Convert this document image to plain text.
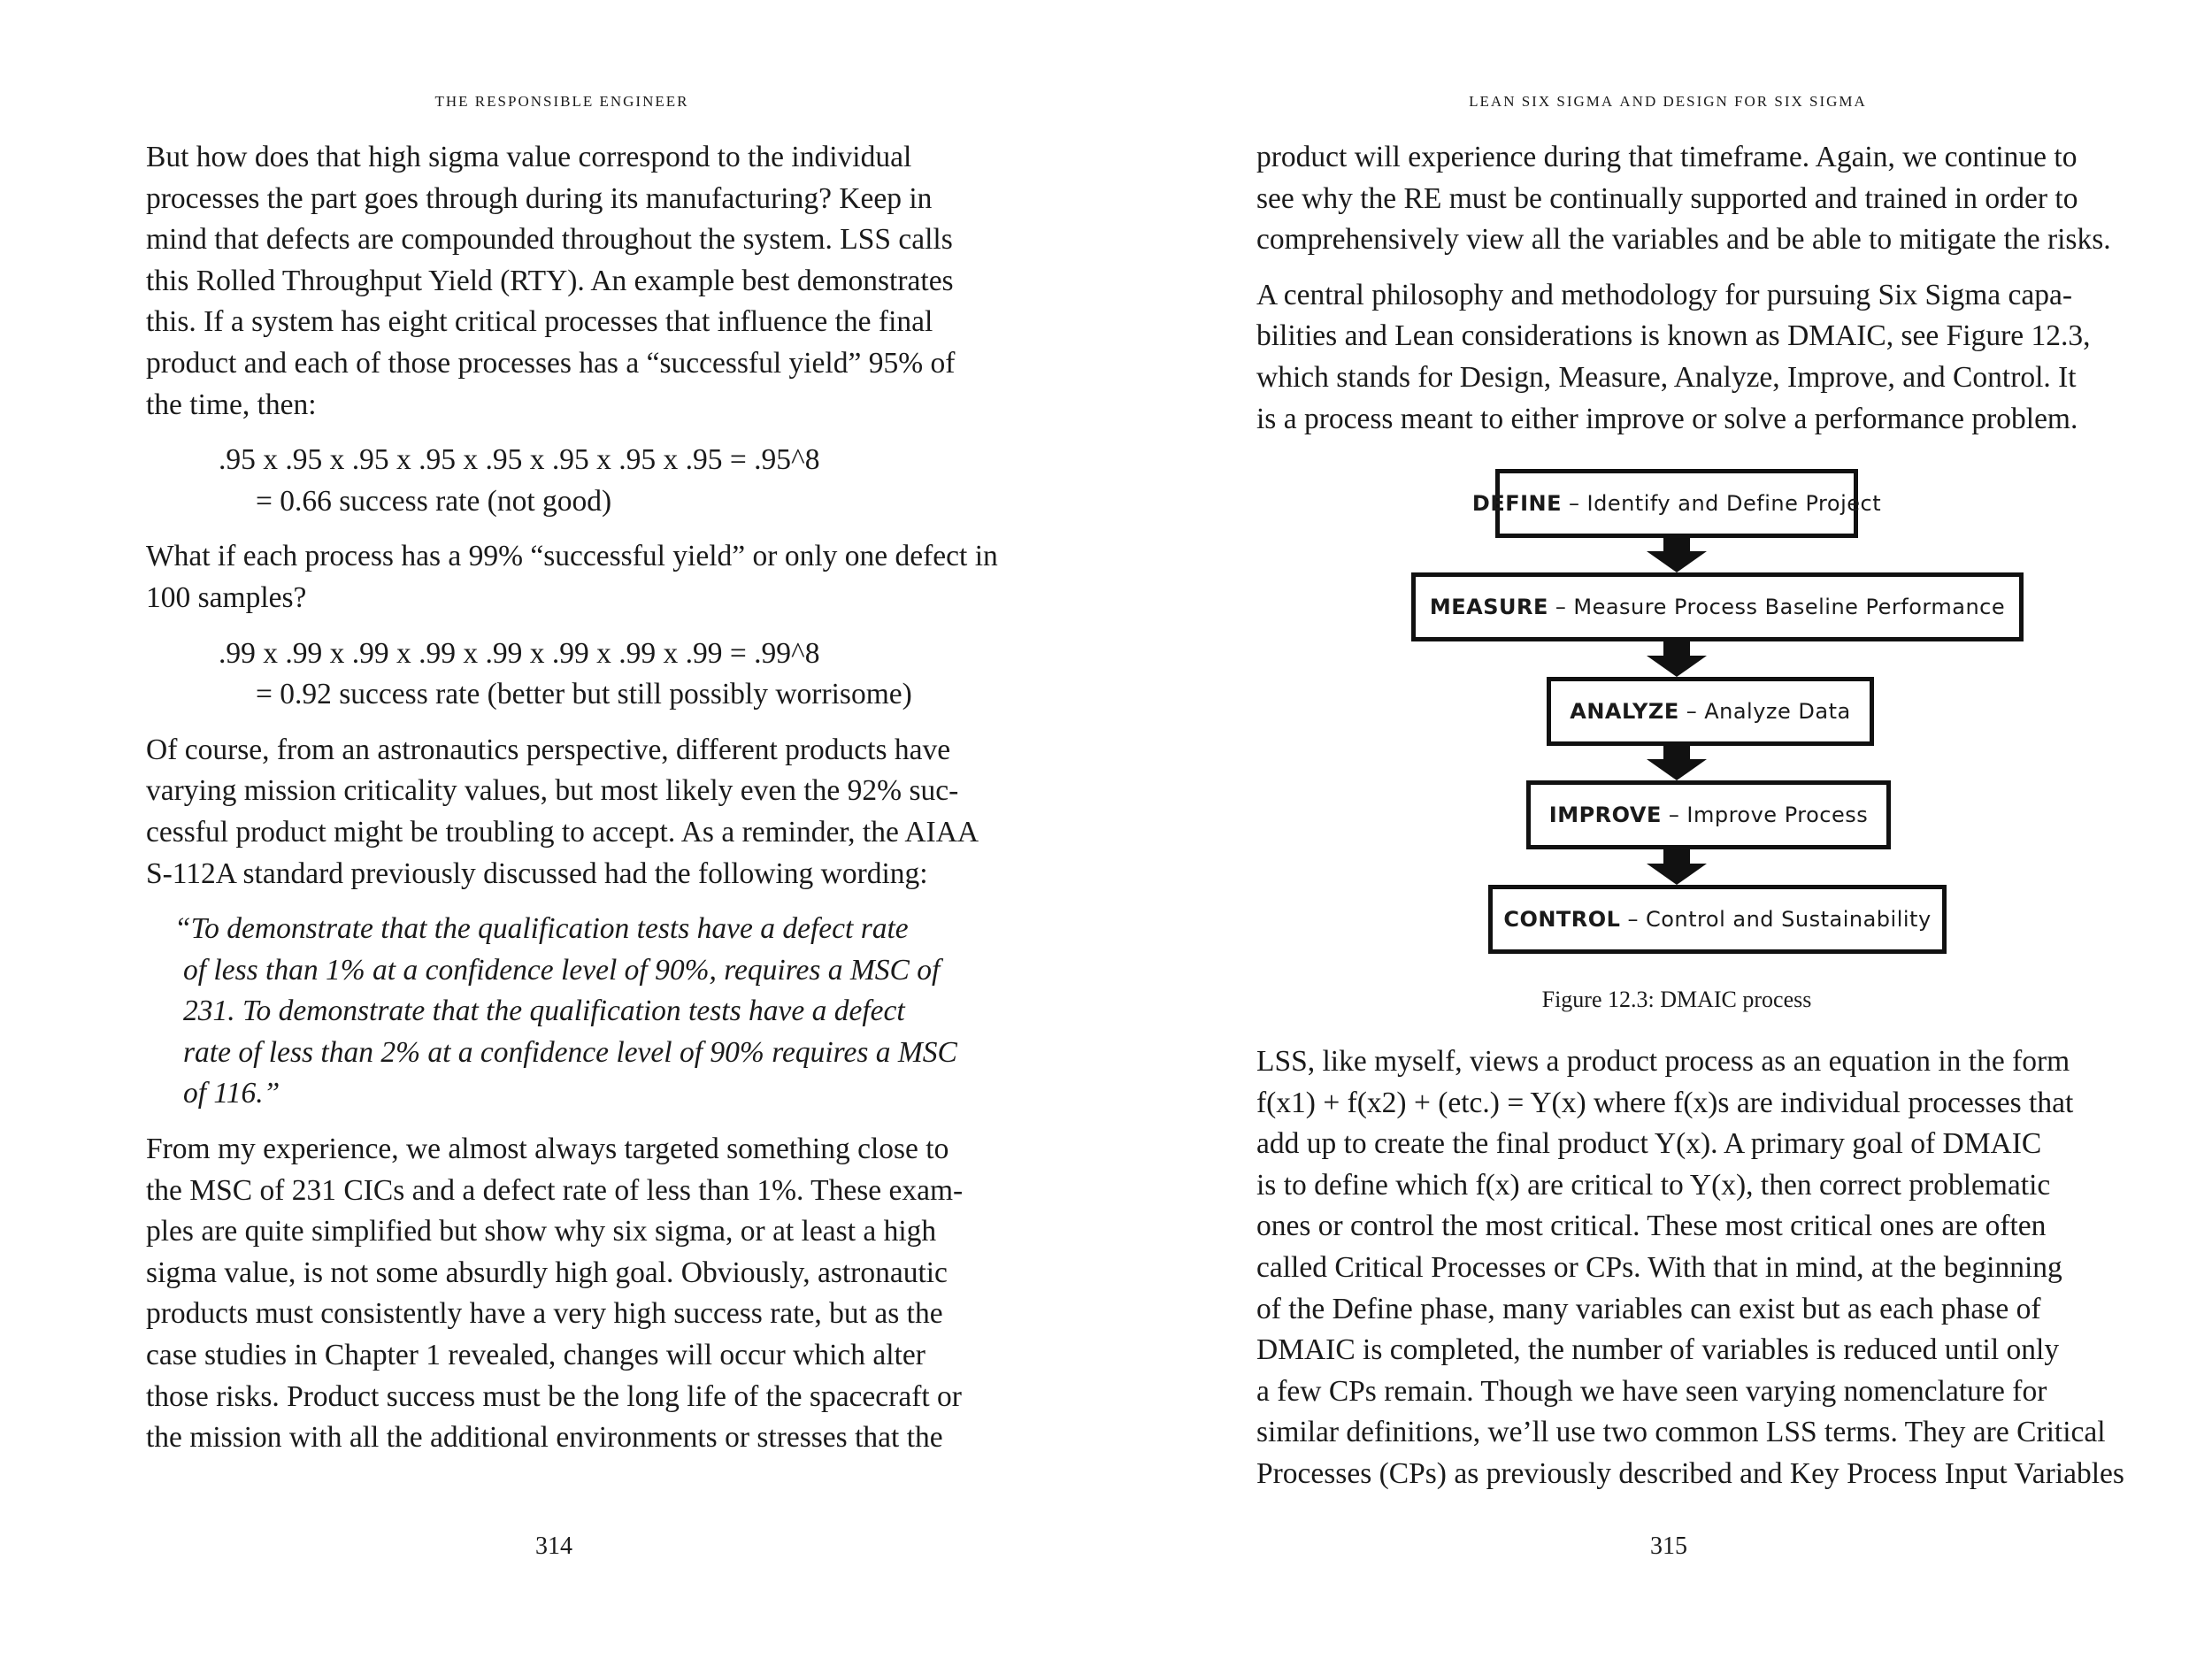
the responsible engineer

But how does that high sigma value correspond to the individual
processes the part goes through during its manufacturing? Keep in
mind that defects are compounded throughout the system. LSS calls
this Rolled Throughput Yield (RTY). An example best demonstrates
this. If a system has eight critical processes that influence the final
product and each of those processes has a “successful yield” 95% of
the time, then:

.95 x .95 x .95 x .95 x .95 x .95 x .95 x .95 = .95^8
= 0.66 success rate (not good)

What if each process has a 99% “successful yield” or only one defect in
100 samples?

.99 x .99 x .99 x .99 x .99 x .99 x .99 x .99 = .99^8
= 0.92 success rate (better but still possibly worrisome)

Of course, from an astronautics perspective, different products have
varying mission criticality values, but most likely even the 92% suc-
cessful product might be troubling to accept. As a reminder, the AIAA
S-112A standard previously discussed had the following wording:

“To demonstrate that the qualification tests have a defect rate
of less than 1% at a confidence level of 90%, requires a MSC of
231. To demonstrate that the qualification tests have a defect
rate of less than 2% at a confidence level of 90% requires a MSC
of 116.”

From my experience, we almost always targeted something close to
the MSC of 231 CICs and a defect rate of less than 1%. These exam-
ples are quite simplified but show why six sigma, or at least a high
sigma value, is not some absurdly high goal. Obviously, astronautic
products must consistently have a very high success rate, but as the
case studies in Chapter 1 revealed, changes will occur which alter
those risks. Product success must be the long life of the spacecraft or
the mission with all the additional environments or stresses that the

314
lean six sigma and design for six sigma

product will experience during that timeframe. Again, we continue to
see why the RE must be continually supported and trained in order to
comprehensively view all the variables and be able to mitigate the risks.

A central philosophy and methodology for pursuing Six Sigma capa-
bilities and Lean considerations is known as DMAIC, see Figure 12.3,
which stands for Design, Measure, Analyze, Improve, and Control. It
is a process meant to either improve or solve a performance problem.

DEFINE – Identify and Define Project
MEASURE – Measure Process Baseline Performance
ANALYZE – Analyze Data
IMPROVE – Improve Process
CONTROL – Control and Sustainability
Figure 12.3: DMAIC process

LSS, like myself, views a product process as an equation in the form
f(x1) + f(x2) + (etc.) = Y(x) where f(x)s are individual processes that
add up to create the final product Y(x). A primary goal of DMAIC
is to define which f(x) are critical to Y(x), then correct problematic
ones or control the most critical. These most critical ones are often
called Critical Processes or CPs. With that in mind, at the beginning
of the Define phase, many variables can exist but as each phase of
DMAIC is completed, the number of variables is reduced until only
a few CPs remain. Though we have seen varying nomenclature for
similar definitions, we’ll use two common LSS terms. They are Critical
Processes (CPs) as previously described and Key Process Input Variables

315
